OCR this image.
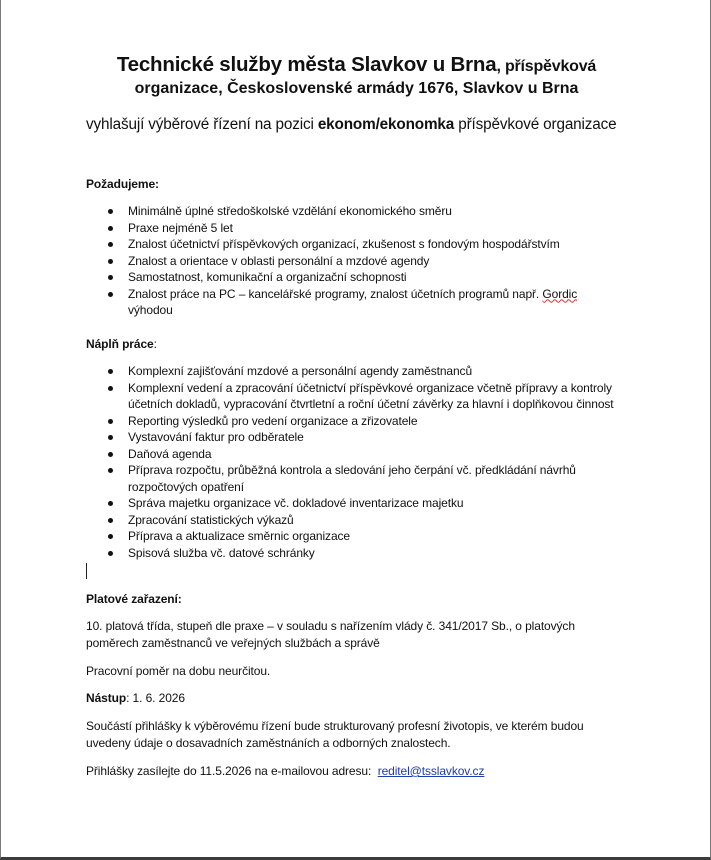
Technické služby města Slavkov u Brna, příspěvková
organizace, Československé armády 1676, Slavkov u Brna
vyhlašují výběrové řízení na pozici ekonom/ekonomka příspěvkové organizace
Požadujeme:
Minimálně úplné středoškolské vzdělání ekonomického směru
Praxe nejméně 5 let
Znalost účetnictví příspěvkových organizací, zkušenost s fondovým hospodářstvím
Znalost a orientace v oblasti personální a mzdové agendy
Samostatnost, komunikační a organizační schopnosti
Znalost práce na PC – kancelářské programy, znalost účetních programů např. Gordic
výhodou
Náplň práce:
Komplexní zajišťování mzdové a personální agendy zaměstnanců
Komplexní vedení a zpracování účetnictví příspěvkové organizace včetně přípravy a kontroly
účetních dokladů, vypracování čtvrtletní a roční účetní závěrky za hlavní i doplňkovou činnost
Reporting výsledků pro vedení organizace a zřizovatele
Vystavování faktur pro odběratele
Daňová agenda
Příprava rozpočtu, průběžná kontrola a sledování jeho čerpání vč. předkládání návrhů
rozpočtových opatření
Správa majetku organizace vč. dokladové inventarizace majetku
Zpracování statistických výkazů
Příprava a aktualizace směrnic organizace
Spisová služba vč. datové schránky
Platové zařazení:
10. platová třída, stupeň dle praxe – v souladu s nařízením vlády č. 341/2017 Sb., o platových
poměrech zaměstnanců ve veřejných službách a správě
Pracovní poměr na dobu neurčitou.
Nástup: 1. 6. 2026
Součástí přihlášky k výběrovému řízení bude strukturovaný profesní životopis, ve kterém budou
uvedeny údaje o dosavadních zaměstnáních a odborných znalostech.
Přihlášky zasílejte do 11.5.2026 na e-mailovou adresu:  reditel@tsslavkov.cz
